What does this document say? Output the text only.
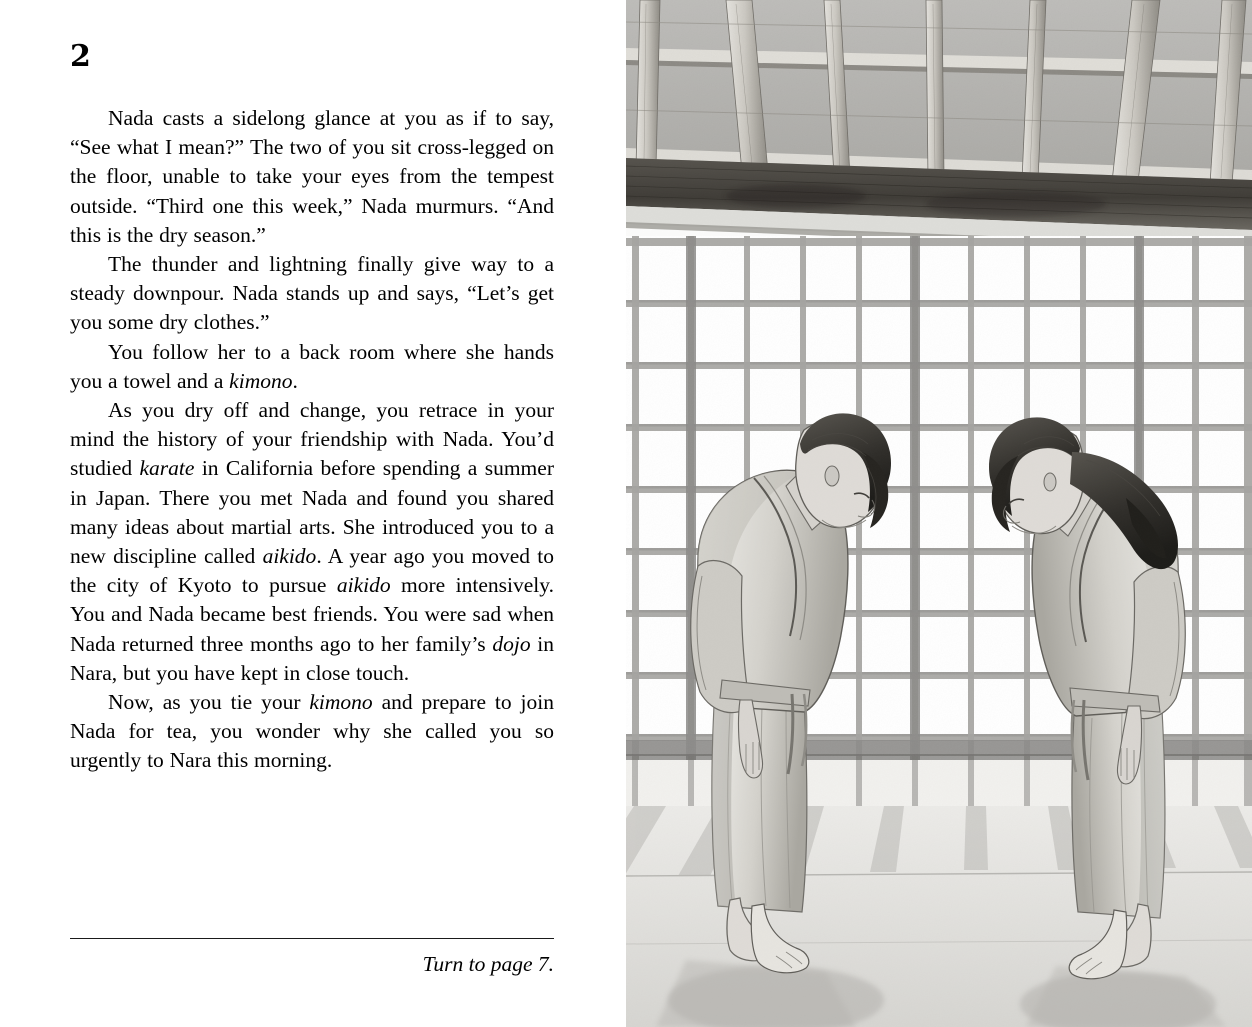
2

Nada casts a sidelong glance at you as if to say, “See what I mean?” The two of you sit cross-legged on the floor, unable to take your eyes from the tempest outside. “Third one this week,” Nada murmurs. “And this is the dry season.”

The thunder and lightning finally give way to a steady downpour. Nada stands up and says, “Let’s get you some dry clothes.”

You follow her to a back room where she hands you a towel and a kimono.

As you dry off and change, you retrace in your mind the history of your friendship with Nada. You’d studied karate in California before spending a summer in Japan. There you met Nada and found you shared many ideas about martial arts. She introduced you to a new discipline called aikido. A year ago you moved to the city of Kyoto to pursue aikido more intensively. You and Nada became best friends. You were sad when Nada returned three months ago to her family’s dojo in Nara, but you have kept in close touch.

Now, as you tie your kimono and prepare to join Nada for tea, you wonder why she called you so urgently to Nara this morning.

Turn to page 7.
